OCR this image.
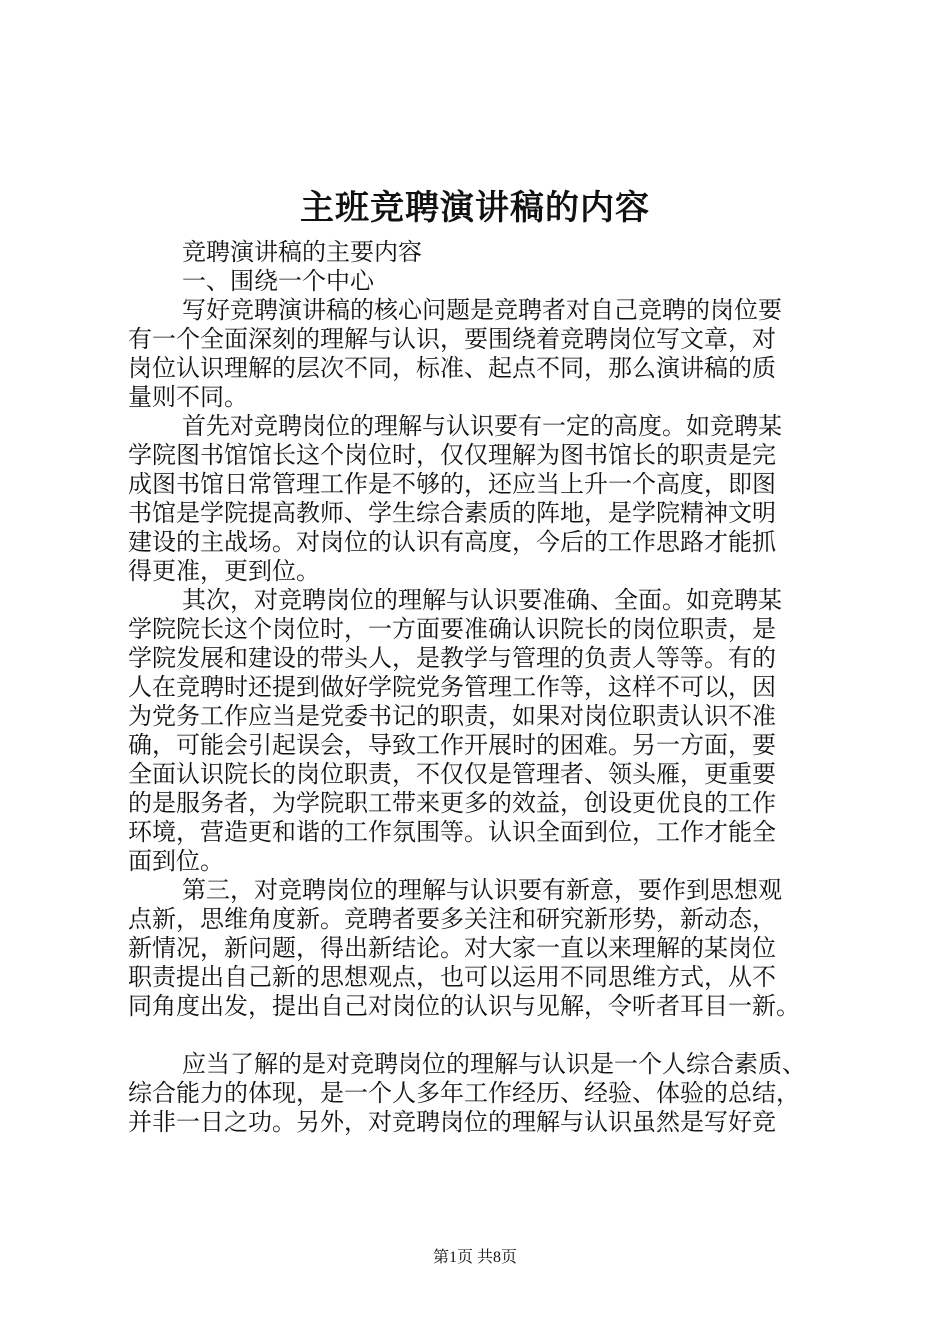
主班竞聘演讲稿的内容
竞聘演讲稿的主要内容
一、围绕一个中心
写好竞聘演讲稿的核心问题是竞聘者对自己竞聘的岗位要
有一个全面深刻的理解与认识，要围绕着竞聘岗位写文章，对
岗位认识理解的层次不同，标准、起点不同，那么演讲稿的质
量则不同。
首先对竞聘岗位的理解与认识要有一定的高度。如竞聘某
学院图书馆馆长这个岗位时，仅仅理解为图书馆长的职责是完
成图书馆日常管理工作是不够的，还应当上升一个高度，即图
书馆是学院提高教师、学生综合素质的阵地，是学院精神文明
建设的主战场。对岗位的认识有高度，今后的工作思路才能抓
得更准，更到位。
其次，对竞聘岗位的理解与认识要准确、全面。如竞聘某
学院院长这个岗位时，一方面要准确认识院长的岗位职责，是
学院发展和建设的带头人，是教学与管理的负责人等等。有的
人在竞聘时还提到做好学院党务管理工作等，这样不可以，因
为党务工作应当是党委书记的职责，如果对岗位职责认识不准
确，可能会引起误会，导致工作开展时的困难。另一方面，要
全面认识院长的岗位职责，不仅仅是管理者、领头雁，更重要
的是服务者，为学院职工带来更多的效益，创设更优良的工作
环境，营造更和谐的工作氛围等。认识全面到位，工作才能全
面到位。
第三，对竞聘岗位的理解与认识要有新意，要作到思想观
点新，思维角度新。竞聘者要多关注和研究新形势，新动态，
新情况，新问题，得出新结论。对大家一直以来理解的某岗位
职责提出自己新的思想观点，也可以运用不同思维方式，从不
同角度出发，提出自己对岗位的认识与见解，令听者耳目一新。
应当了解的是对竞聘岗位的理解与认识是一个人综合素质、
综合能力的体现，是一个人多年工作经历、经验、体验的总结，
并非一日之功。另外，对竞聘岗位的理解与认识虽然是写好竞
第1页 共8页
